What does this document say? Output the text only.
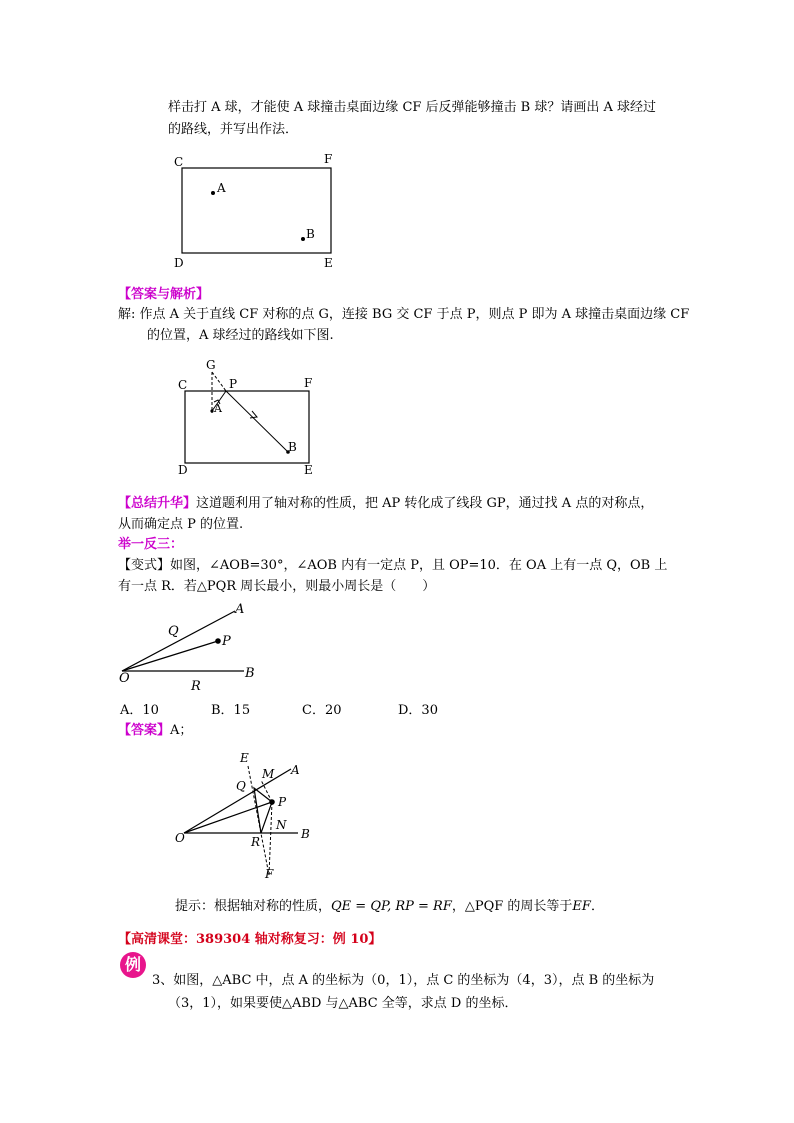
样击打 A 球，才能使 A 球撞击桌面边缘 CF 后反弹能够撞击 B 球？请画出 A 球经过
的路线，并写出作法．
C	F
D	E
A
B
【答案与解析】
解: 作点 A 关于直线 CF 对称的点 G，连接 BG 交 CF 于点 P，则点 P 即为 A 球撞击桌面边缘 CF
的位置，A 球经过的路线如下图.
G
C	P	F
A
B
D	E
【总结升华】这道题利用了轴对称的性质，把 AP 转化成了线段 GP，通过找 A 点的对称点，
从而确定点 P 的位置.
举一反三：
【变式】如图，∠AOB=30°，∠AOB 内有一定点 P，且 OP=10．在 OA 上有一点 Q，OB 上
有一点 R．若△PQR 周长最小，则最小周长是（　　）
A
Q
P
O	B
R
A．10	B．15	C．20	D．30
【答案】A；
E
M A
Q
P
N
O	B
R
F
提示：根据轴对称的性质，QE = QP, RP = RF，△PQF 的周长等于EF．
【高清课堂：389304 轴对称复习：例 10】
例
3、如图，△ABC 中，点 A 的坐标为（0，1），点 C 的坐标为（4，3），点 B 的坐标为
（3，1），如果要使△ABD 与△ABC 全等，求点 D 的坐标．
